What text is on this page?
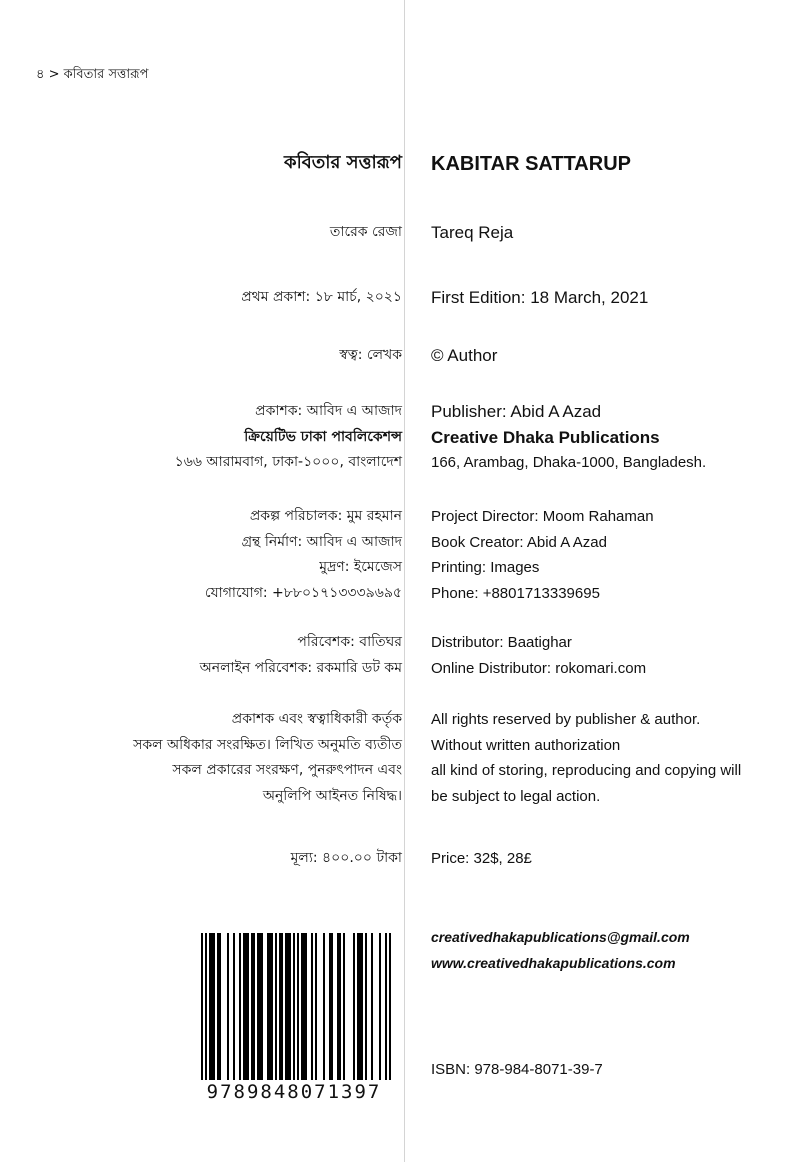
৪ > কবিতার সত্তারূপ
কবিতার সত্তারূপ
তারেক রেজা
প্রথম প্রকাশ: ১৮ মার্চ, ২০২১
স্বত্ব: লেখক
প্রকাশক: আবিদ এ আজাদ
ক্রিয়েটিভ ঢাকা পাবলিকেশন্স
১৬৬ আরামবাগ, ঢাকা-১০০০, বাংলাদেশ
প্রকল্প পরিচালক: মুম রহমান
গ্রন্থ নির্মাণ: আবিদ এ আজাদ
মুদ্রণ: ইমেজেস
যোগাযোগ: +৮৮০১৭১৩৩৩৯৬৯৫
পরিবেশক: বাতিঘর
অনলাইন পরিবেশক: রকমারি ডট কম
প্রকাশক এবং স্বত্বাধিকারী কর্তৃক
সকল অধিকার সংরক্ষিত। লিখিত অনুমতি ব্যতীত
সকল প্রকারের সংরক্ষণ, পুনরুৎপাদন এবং
অনুলিপি আইনত নিষিদ্ধ।
মূল্য: ৪০০.০০ টাকা
KABITAR SATTARUP
Tareq Reja
First Edition: 18 March, 2021
© Author
Publisher: Abid A Azad
Creative Dhaka Publications
166, Arambag, Dhaka-1000, Bangladesh.
Project Director: Moom Rahaman
Book Creator: Abid A Azad
Printing: Images
Phone: +8801713339695
Distributor: Baatighar
Online Distributor: rokomari.com
All rights reserved by publisher & author.
Without written authorization
all kind of storing, reproducing and copying will
be subject to legal action.
Price: 32$, 28£
creativedhakapublications@gmail.com
www.creativedhakapublications.com
ISBN: 978-984-8071-39-7
9789848071397
